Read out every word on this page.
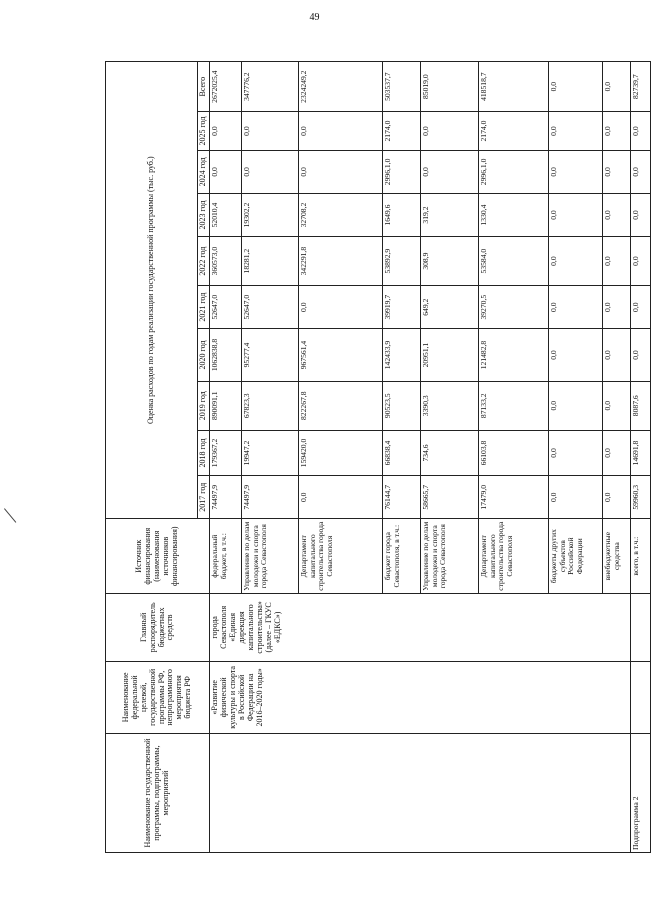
49
Наименование государственной программы, подпрограммы, мероприятий	Наименование федеральной целевой, государственной программы РФ, непрограммного мероприятия бюджета РФ	Главный распорядитель бюджетных средств	Источник финансирования (наименования источников финансирования)	Оценка расходов по годам реализации государственной программы (тыс. руб.)									
				2017 год	2018 год	2019 год	2020 год	2021 год	2022 год	2023 год	2024 год	2025 год	Всего
	«Развитие физической культуры и спорта в Российской Федерации на 2016–2020 годы»	города Севастополя «Единая дирекция капитального строительства» (далее – ГКУС «ЕДКС»)	федеральный бюджет, в т.ч.:	74497,9	179367,2	890091,1	1062838,8	52647,0	360573,0	52010,4	0,0	0,0	2672025,4
			Управление по делам молодежи и спорта города Севастополя	74497,9	19947,2	67823,3	95277,4	52647,0	18281,2	19302,2	0,0	0,0	347776,2
			Департамент капитального строительства города Севастополя	0,0	159420,0	822267,8	967561,4	0,0	342291,8	32708,2	0,0	0,0	2324249,2
			бюджет города Севастополя, в т.ч.:	76144,7	66838,4	90523,5	142433,9	39919,7	53892,9	1649,6	2996,1,0	2174,0	503537,7
			Управление по делам молодежи и спорта города Севастополя	58665,7	734,6	3390,3	20951,1	649,2	308,9	319,2	0,0	0,0	85019,0
			Департамент капитального строительства города Севастополя	17479,0	66103,8	87133,2	121482,8	39270,5	53584,0	1330,4	2996,1,0	2174,0	418518,7
			бюджеты других субъектов Российской Федерации	0,0	0,0	0,0	0,0	0,0	0,0	0,0	0,0	0,0	0,0
			внебюджетные средства	0,0	0,0	0,0	0,0	0,0	0,0	0,0	0,0	0,0	0,0
Подпрограмма 2			всего, в т.ч.:	59960,3	14691,8	8087,6	0,0	0,0	0,0	0,0	0,0	0,0	82739,7
